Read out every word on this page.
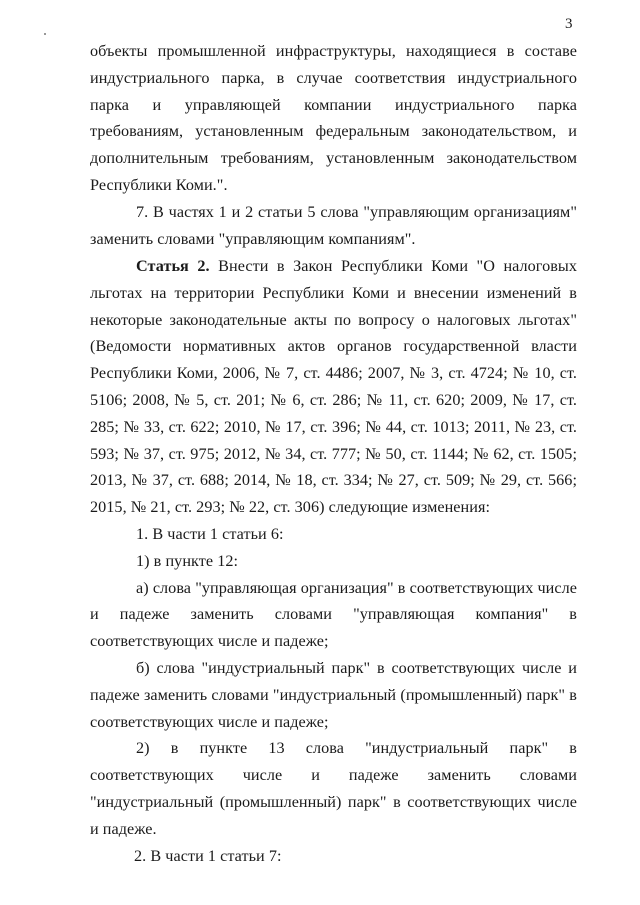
3

объекты промышленной инфраструктуры, находящиеся в составе индустриального парка, в случае соответствия индустриального парка и управляющей компании индустриального парка требованиям, установленным федеральным законодательством, и дополнительным требованиям, установленным законодательством Республики Коми.".

7. В частях 1 и 2 статьи 5 слова "управляющим организациям" заменить словами "управляющим компаниям".

Статья 2. Внести в Закон Республики Коми "О налоговых льготах на территории Республики Коми и внесении изменений в некоторые законодательные акты по вопросу о налоговых льготах" (Ведомости нормативных актов органов государственной власти Республики Коми, 2006, № 7, ст. 4486; 2007, № 3, ст. 4724; № 10, ст. 5106; 2008, № 5, ст. 201; № 6, ст. 286; № 11, ст. 620; 2009, № 17, ст. 285; № 33, ст. 622; 2010, № 17, ст. 396; № 44, ст. 1013; 2011, № 23, ст. 593; № 37, ст. 975; 2012, № 34, ст. 777; № 50, ст. 1144; № 62, ст. 1505; 2013, № 37, ст. 688; 2014, № 18, ст. 334; № 27, ст. 509; № 29, ст. 566; 2015, № 21, ст. 293; № 22, ст. 306) следующие изменения:

1. В части 1 статьи 6:

1) в пункте 12:

а) слова "управляющая организация" в соответствующих числе и падеже заменить словами "управляющая компания" в соответствующих числе и падеже;

б) слова "индустриальный парк" в соответствующих числе и падеже заменить словами "индустриальный (промышленный) парк" в соответствующих числе и падеже;

2) в пункте 13 слова "индустриальный парк" в соответствующих числе и падеже заменить словами "индустриальный (промышленный) парк" в соответствующих числе и падеже.

2. В части 1 статьи 7:
